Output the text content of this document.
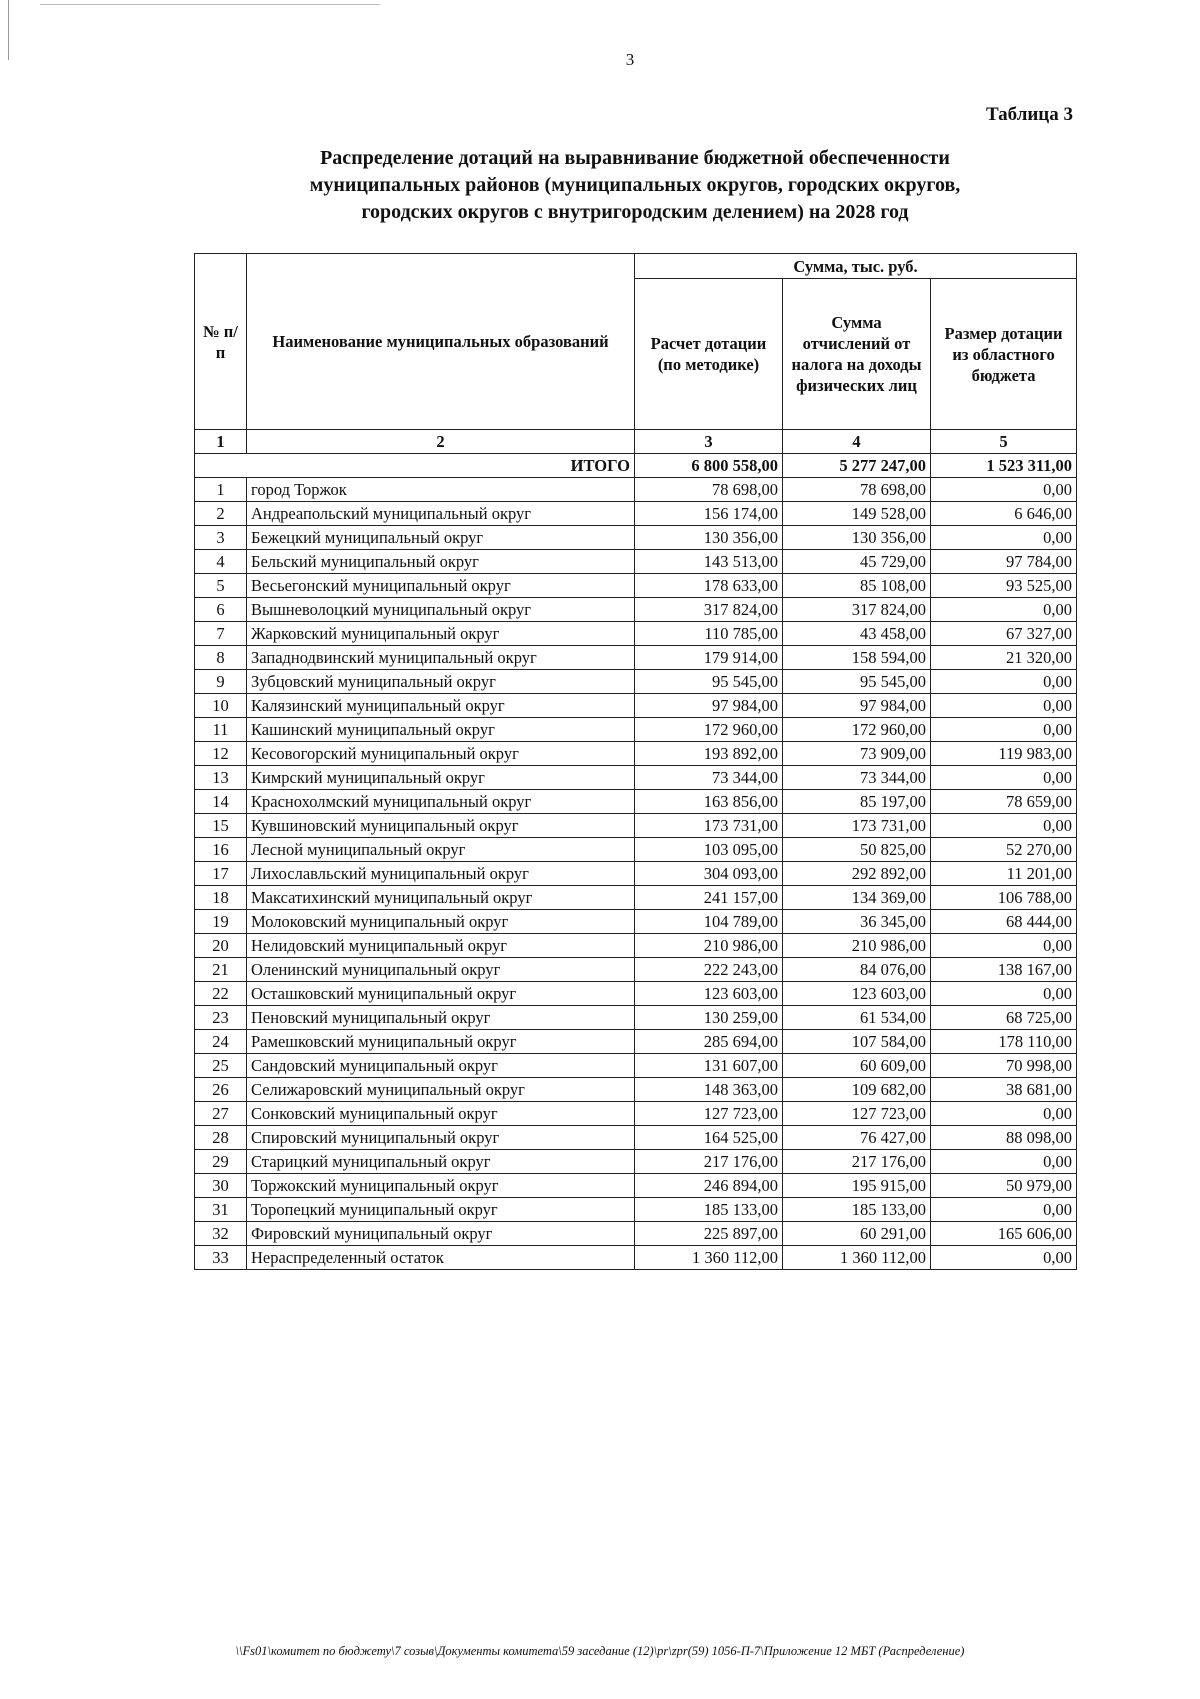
3
Таблица 3
Распределение дотаций на выравнивание бюджетной обеспеченности
муниципальных районов (муниципальных округов, городских округов,
городских округов с внутригородским делением) на 2028 год
№ п/п	Наименование муниципальных образований	Сумма, тыс. руб.		
		Расчет дотации (по методике)	Сумма отчислений от налога на доходы физических лиц	Размер дотации из областного бюджета
1	2	3	4	5
ИТОГО		6 800 558,00	5 277 247,00	1 523 311,00
1	город Торжок	78 698,00	78 698,00	0,00
2	Андреапольский муниципальный округ	156 174,00	149 528,00	6 646,00
3	Бежецкий муниципальный округ	130 356,00	130 356,00	0,00
4	Бельский муниципальный округ	143 513,00	45 729,00	97 784,00
5	Весьегонский муниципальный округ	178 633,00	85 108,00	93 525,00
6	Вышневолоцкий муниципальный округ	317 824,00	317 824,00	0,00
7	Жарковский муниципальный округ	110 785,00	43 458,00	67 327,00
8	Западнодвинский муниципальный округ	179 914,00	158 594,00	21 320,00
9	Зубцовский муниципальный округ	95 545,00	95 545,00	0,00
10	Калязинский муниципальный округ	97 984,00	97 984,00	0,00
11	Кашинский муниципальный округ	172 960,00	172 960,00	0,00
12	Кесовогорский муниципальный округ	193 892,00	73 909,00	119 983,00
13	Кимрский муниципальный округ	73 344,00	73 344,00	0,00
14	Краснохолмский муниципальный округ	163 856,00	85 197,00	78 659,00
15	Кувшиновский муниципальный округ	173 731,00	173 731,00	0,00
16	Лесной муниципальный округ	103 095,00	50 825,00	52 270,00
17	Лихославльский муниципальный округ	304 093,00	292 892,00	11 201,00
18	Максатихинский муниципальный округ	241 157,00	134 369,00	106 788,00
19	Молоковский муниципальный округ	104 789,00	36 345,00	68 444,00
20	Нелидовский муниципальный округ	210 986,00	210 986,00	0,00
21	Оленинский муниципальный округ	222 243,00	84 076,00	138 167,00
22	Осташковский муниципальный округ	123 603,00	123 603,00	0,00
23	Пеновский муниципальный округ	130 259,00	61 534,00	68 725,00
24	Рамешковский муниципальный округ	285 694,00	107 584,00	178 110,00
25	Сандовский муниципальный округ	131 607,00	60 609,00	70 998,00
26	Селижаровский муниципальный округ	148 363,00	109 682,00	38 681,00
27	Сонковский муниципальный округ	127 723,00	127 723,00	0,00
28	Спировский муниципальный округ	164 525,00	76 427,00	88 098,00
29	Старицкий муниципальный округ	217 176,00	217 176,00	0,00
30	Торжокский муниципальный округ	246 894,00	195 915,00	50 979,00
31	Торопецкий муниципальный округ	185 133,00	185 133,00	0,00
32	Фировский муниципальный округ	225 897,00	60 291,00	165 606,00
33	Нераспределенный остаток	1 360 112,00	1 360 112,00	0,00
\\Fs01\комитет по бюджету\7 созыв\Документы комитета\59 заседание (12)\pr\zpr(59) 1056-П-7\Приложение 12 МБТ (Распределение)
